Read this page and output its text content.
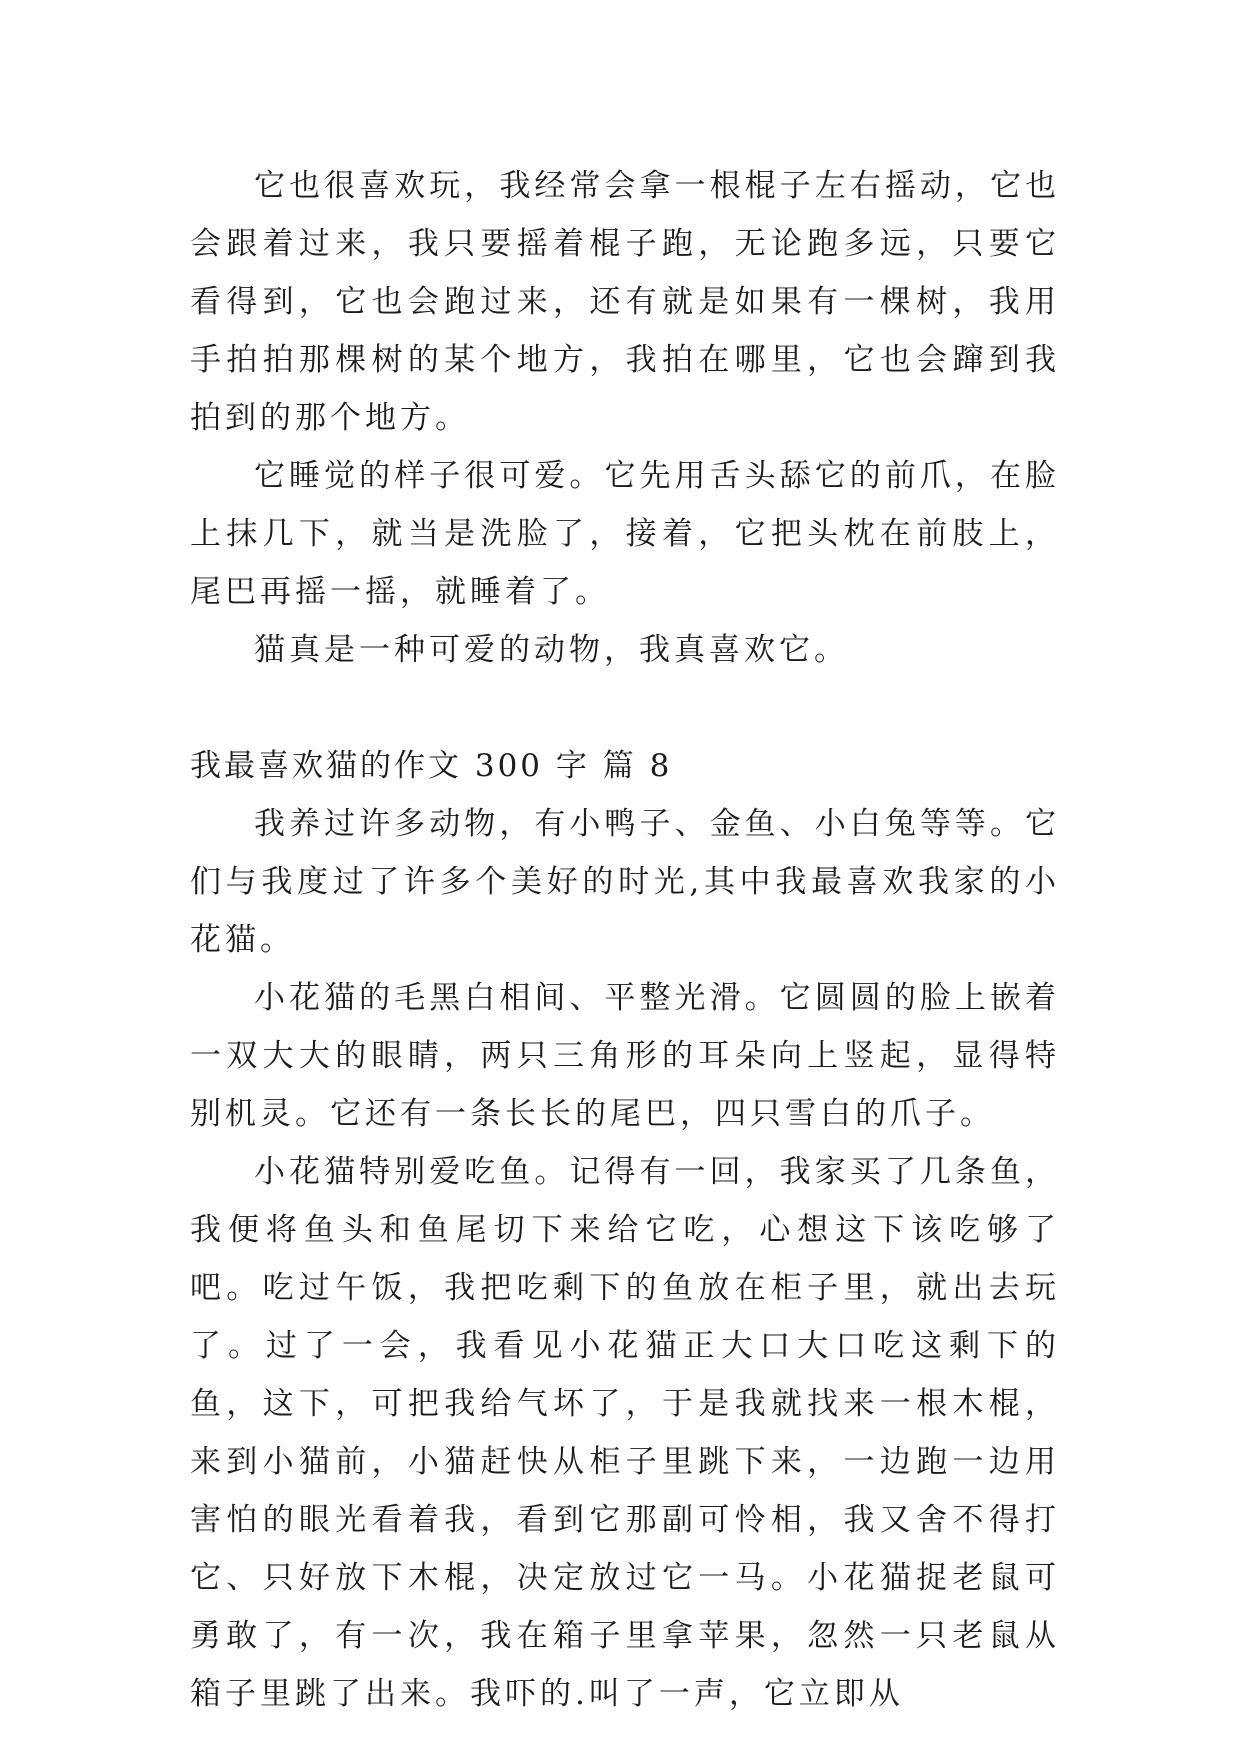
它也很喜欢玩，我经常会拿一根棍子左右摇动，它也会跟着过来，我只要摇着棍子跑，无论跑多远，只要它看得到，它也会跑过来，还有就是如果有一棵树，我用手拍拍那棵树的某个地方，我拍在哪里，它也会蹿到我拍到的那个地方。

它睡觉的样子很可爱。它先用舌头舔它的前爪，在脸上抹几下，就当是洗脸了，接着，它把头枕在前肢上，尾巴再摇一摇，就睡着了。

猫真是一种可爱的动物，我真喜欢它。

我最喜欢猫的作文 300 字 篇 8

我养过许多动物，有小鸭子、金鱼、小白兔等等。它们与我度过了许多个美好的时光,其中我最喜欢我家的小花猫。

小花猫的毛黑白相间、平整光滑。它圆圆的脸上嵌着一双大大的眼睛，两只三角形的耳朵向上竖起，显得特别机灵。它还有一条长长的尾巴，四只雪白的爪子。

小花猫特别爱吃鱼。记得有一回，我家买了几条鱼，我便将鱼头和鱼尾切下来给它吃，心想这下该吃够了吧。吃过午饭，我把吃剩下的鱼放在柜子里，就出去玩了。过了一会，我看见小花猫正大口大口吃这剩下的鱼，这下，可把我给气坏了，于是我就找来一根木棍，来到小猫前，小猫赶快从柜子里跳下来，一边跑一边用害怕的眼光看着我，看到它那副可怜相，我又舍不得打它、只好放下木棍，决定放过它一马。小花猫捉老鼠可勇敢了，有一次，我在箱子里拿苹果，忽然一只老鼠从箱子里跳了出来。我吓的.叫了一声，它立即从
